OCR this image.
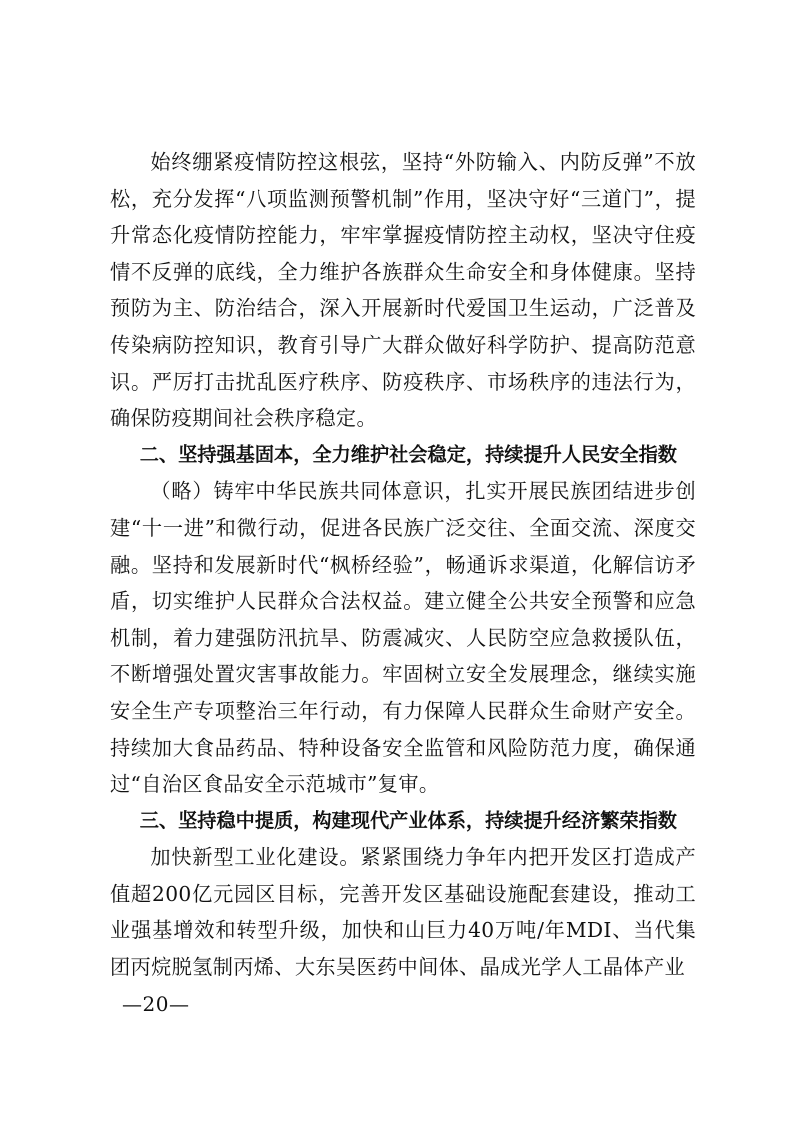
始终绷紧疫情防控这根弦，坚持“外防输入、内防反弹”不放松，充分发挥“八项监测预警机制”作用，坚决守好“三道门”，提升常态化疫情防控能力，牢牢掌握疫情防控主动权，坚决守住疫情不反弹的底线，全力维护各族群众生命安全和身体健康。坚持预防为主、防治结合，深入开展新时代爱国卫生运动，广泛普及传染病防控知识，教育引导广大群众做好科学防护、提高防范意识。严厉打击扰乱医疗秩序、防疫秩序、市场秩序的违法行为，确保防疫期间社会秩序稳定。

二、坚持强基固本，全力维护社会稳定，持续提升人民安全指数

（略）铸牢中华民族共同体意识，扎实开展民族团结进步创建“十一进”和微行动，促进各民族广泛交往、全面交流、深度交融。坚持和发展新时代“枫桥经验”，畅通诉求渠道，化解信访矛盾，切实维护人民群众合法权益。建立健全公共安全预警和应急机制，着力建强防汛抗旱、防震减灾、人民防空应急救援队伍，不断增强处置灾害事故能力。牢固树立安全发展理念，继续实施安全生产专项整治三年行动，有力保障人民群众生命财产安全。持续加大食品药品、特种设备安全监管和风险防范力度，确保通过“自治区食品安全示范城市”复审。

三、坚持稳中提质，构建现代产业体系，持续提升经济繁荣指数

加快新型工业化建设。紧紧围绕力争年内把开发区打造成产值超200亿元园区目标，完善开发区基础设施配套建设，推动工业强基增效和转型升级，加快和山巨力40万吨/年MDI、当代集团丙烷脱氢制丙烯、大东吴医药中间体、晶成光学人工晶体产业

—20—
